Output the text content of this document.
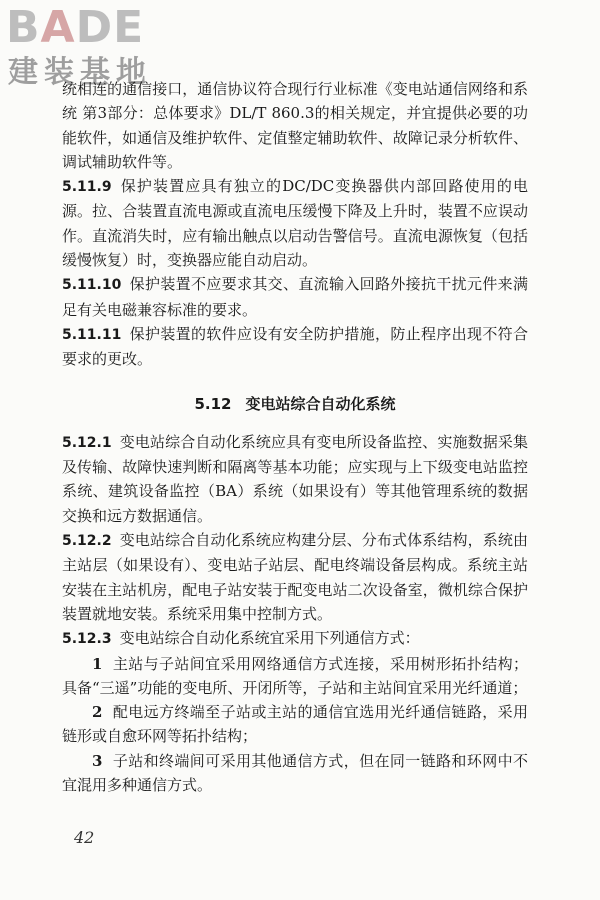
BADE
建装基地

统相连的通信接口，通信协议符合现行行业标准《变电站通信网络和系统 第3部分：总体要求》DL/T 860.3的相关规定，并宜提供必要的功能软件，如通信及维护软件、定值整定辅助软件、故障记录分析软件、调试辅助软件等。

5.11.9 保护装置应具有独立的DC/DC变换器供内部回路使用的电源。拉、合装置直流电源或直流电压缓慢下降及上升时，装置不应误动作。直流消失时，应有输出触点以启动告警信号。直流电源恢复（包括缓慢恢复）时，变换器应能自动启动。

5.11.10 保护装置不应要求其交、直流输入回路外接抗干扰元件来满足有关电磁兼容标准的要求。

5.11.11 保护装置的软件应设有安全防护措施，防止程序出现不符合要求的更改。

5.12 变电站综合自动化系统

5.12.1 变电站综合自动化系统应具有变电所设备监控、实施数据采集及传输、故障快速判断和隔离等基本功能；应实现与上下级变电站监控系统、建筑设备监控（BA）系统（如果设有）等其他管理系统的数据交换和远方数据通信。

5.12.2 变电站综合自动化系统应构建分层、分布式体系结构，系统由主站层（如果设有）、变电站子站层、配电终端设备层构成。系统主站安装在主站机房，配电子站安装于配变电站二次设备室，微机综合保护装置就地安装。系统采用集中控制方式。

5.12.3 变电站综合自动化系统宜采用下列通信方式：

1 主站与子站间宜采用网络通信方式连接，采用树形拓扑结构；具备“三遥”功能的变电所、开闭所等，子站和主站间宜采用光纤通道；

2 配电远方终端至子站或主站的通信宜选用光纤通信链路，采用链形或自愈环网等拓扑结构；

3 子站和终端间可采用其他通信方式，但在同一链路和环网中不宜混用多种通信方式。

42
